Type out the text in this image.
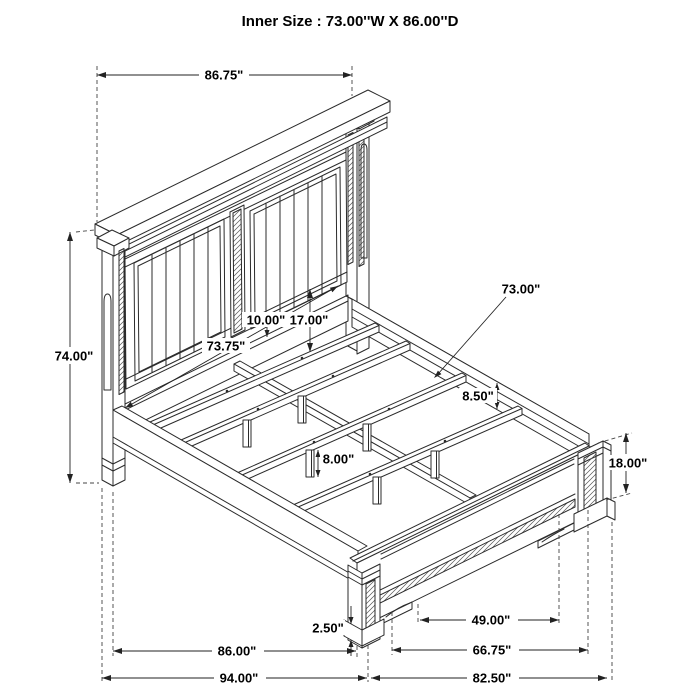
Inner Size : 73.00''W X 86.00''D
86.75"
74.00"
73.75"
10.00" 17.00"
73.00"
8.50"
8.00"	18.00"
2.50"
49.00"
66.75"
82.50"
86.00"
94.00"
